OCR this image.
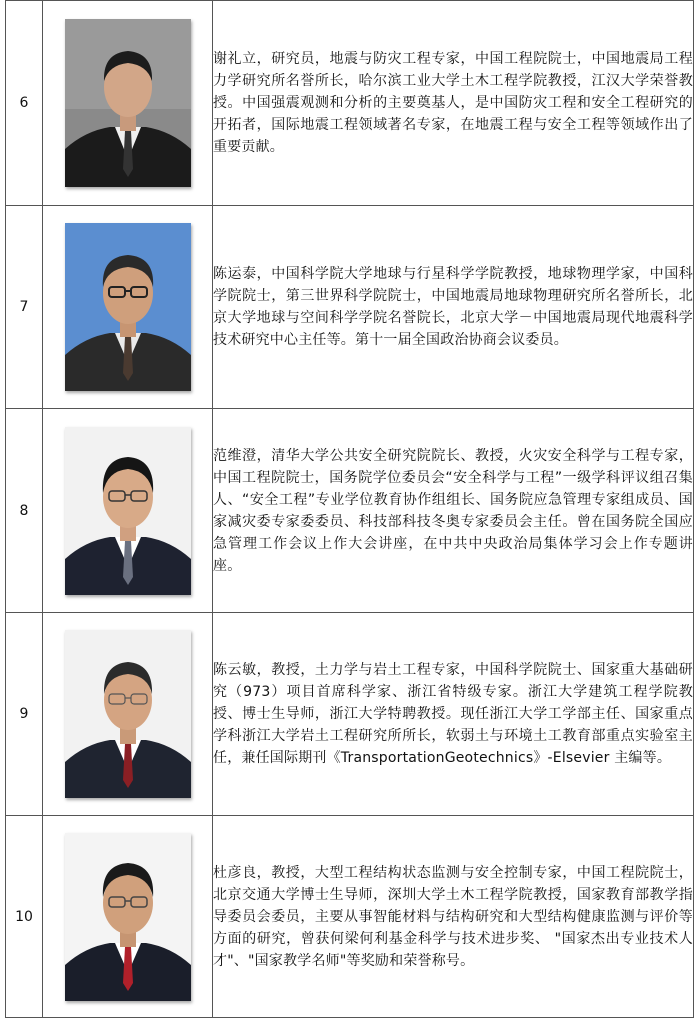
6		谢礼立，研究员，地震与防灾工程专家，中国工程院院士，中国地震局工程力学研究所名誉所长，哈尔滨工业大学土木工程学院教授，江汉大学荣誉教授。中国强震观测和分析的主要奠基人，是中国防灾工程和安全工程研究的开拓者，国际地震工程领域著名专家，在地震工程与安全工程等领域作出了重要贡献。
7		陈运泰，中国科学院大学地球与行星科学学院教授，地球物理学家，中国科学院院士，第三世界科学院院士，中国地震局地球物理研究所名誉所长，北京大学地球与空间科学学院名誉院长，北京大学－中国地震局现代地震科学技术研究中心主任等。第十一届全国政治协商会议委员。
8		范维澄，清华大学公共安全研究院院长、教授，火灾安全科学与工程专家，中国工程院院士，国务院学位委员会“安全科学与工程”一级学科评议组召集人、“安全工程”专业学位教育协作组组长、国务院应急管理专家组成员、国家减灾委专家委委员、科技部科技冬奥专家委员会主任。曾在国务院全国应急管理工作会议上作大会讲座，在中共中央政治局集体学习会上作专题讲座。
9		陈云敏，教授，土力学与岩土工程专家，中国科学院院士、国家重大基础研究（973）项目首席科学家、浙江省特级专家。浙江大学建筑工程学院教授、博士生导师，浙江大学特聘教授。现任浙江大学工学部主任、国家重点学科浙江大学岩土工程研究所所长，软弱土与环境土工教育部重点实验室主任，兼任国际期刊《TransportationGeotechnics》-Elsevier 主编等。
10		杜彦良，教授，大型工程结构状态监测与安全控制专家，中国工程院院士，北京交通大学博士生导师，深圳大学土木工程学院教授，国家教育部教学指导委员会委员，主要从事智能材料与结构研究和大型结构健康监测与评价等方面的研究，曾获何梁何利基金科学与技术进步奖、 "国家杰出专业技术人才"、"国家教学名师"等奖励和荣誉称号。
